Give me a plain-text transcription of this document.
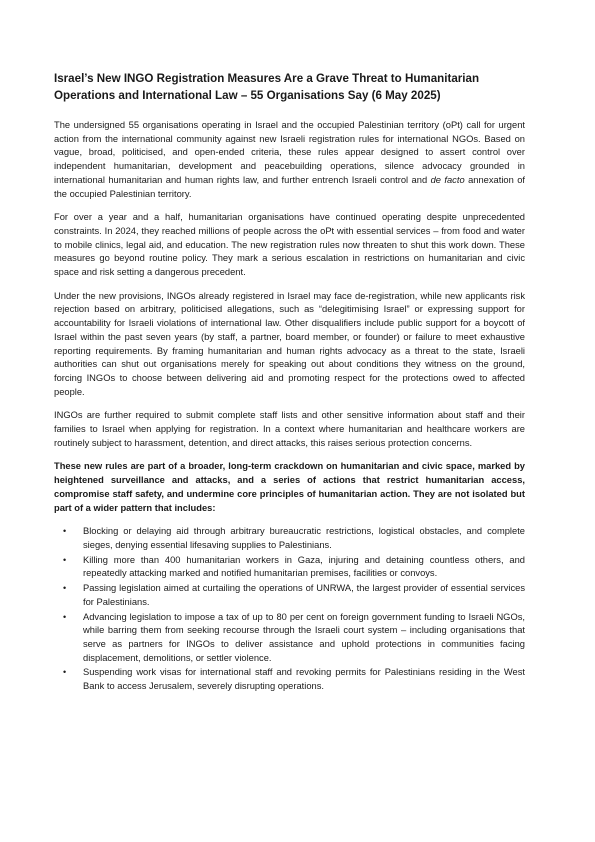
Israel’s New INGO Registration Measures Are a Grave Threat to Humanitarian Operations and International Law – 55 Organisations Say (6 May 2025)

The undersigned 55 organisations operating in Israel and the occupied Palestinian territory (oPt) call for urgent action from the international community against new Israeli registration rules for international NGOs. Based on vague, broad, politicised, and open-ended criteria, these rules appear designed to assert control over independent humanitarian, development and peacebuilding operations, silence advocacy grounded in international humanitarian and human rights law, and further entrench Israeli control and de facto annexation of the occupied Palestinian territory.

For over a year and a half, humanitarian organisations have continued operating despite unprecedented constraints. In 2024, they reached millions of people across the oPt with essential services – from food and water to mobile clinics, legal aid, and education. The new registration rules now threaten to shut this work down. These measures go beyond routine policy. They mark a serious escalation in restrictions on humanitarian and civic space and risk setting a dangerous precedent.

Under the new provisions, INGOs already registered in Israel may face de-registration, while new applicants risk rejection based on arbitrary, politicised allegations, such as “delegitimising Israel” or expressing support for accountability for Israeli violations of international law. Other disqualifiers include public support for a boycott of Israel within the past seven years (by staff, a partner, board member, or founder) or failure to meet exhaustive reporting requirements. By framing humanitarian and human rights advocacy as a threat to the state, Israeli authorities can shut out organisations merely for speaking out about conditions they witness on the ground, forcing INGOs to choose between delivering aid and promoting respect for the protections owed to affected people.

INGOs are further required to submit complete staff lists and other sensitive information about staff and their families to Israel when applying for registration. In a context where humanitarian and healthcare workers are routinely subject to harassment, detention, and direct attacks, this raises serious protection concerns.

These new rules are part of a broader, long-term crackdown on humanitarian and civic space, marked by heightened surveillance and attacks, and a series of actions that restrict humanitarian access, compromise staff safety, and undermine core principles of humanitarian action. They are not isolated but part of a wider pattern that includes:

• Blocking or delaying aid through arbitrary bureaucratic restrictions, logistical obstacles, and complete sieges, denying essential lifesaving supplies to Palestinians.
• Killing more than 400 humanitarian workers in Gaza, injuring and detaining countless others, and repeatedly attacking marked and notified humanitarian premises, facilities or convoys.
• Passing legislation aimed at curtailing the operations of UNRWA, the largest provider of essential services for Palestinians.
• Advancing legislation to impose a tax of up to 80 per cent on foreign government funding to Israeli NGOs, while barring them from seeking recourse through the Israeli court system – including organisations that serve as partners for INGOs to deliver assistance and uphold protections in communities facing displacement, demolitions, or settler violence.
• Suspending work visas for international staff and revoking permits for Palestinians residing in the West Bank to access Jerusalem, severely disrupting operations.
